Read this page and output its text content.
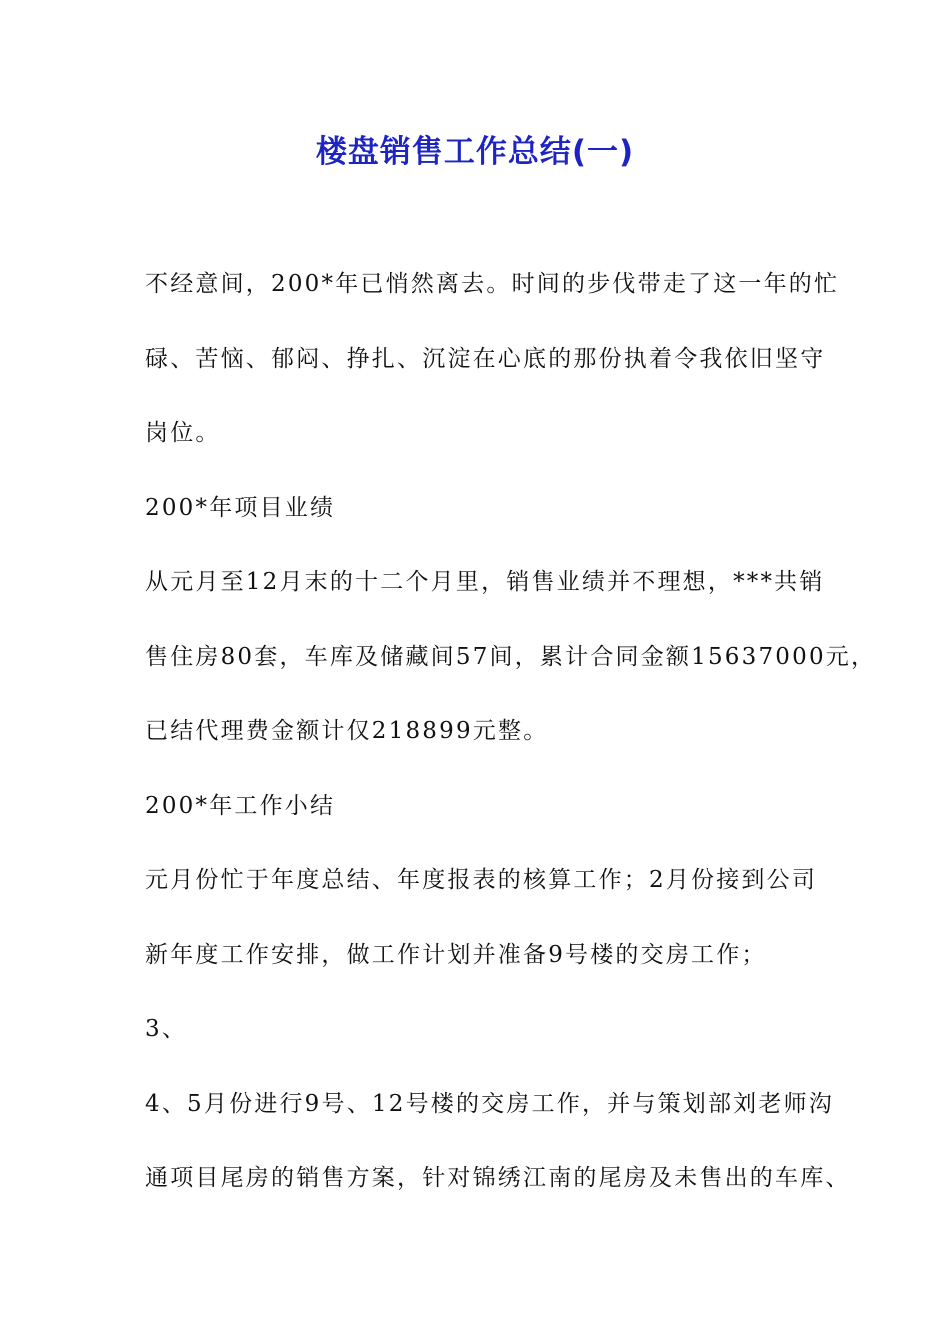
楼盘销售工作总结(一)
不经意间，200*年已悄然离去。时间的步伐带走了这一年的忙
碌、苦恼、郁闷、挣扎、沉淀在心底的那份执着令我依旧坚守
岗位。
200*年项目业绩
从元月至12月末的十二个月里，销售业绩并不理想，***共销
售住房80套，车库及储藏间57间，累计合同金额15637000元，
已结代理费金额计仅218899元整。
200*年工作小结
元月份忙于年度总结、年度报表的核算工作；2月份接到公司
新年度工作安排，做工作计划并准备9号楼的交房工作；
3、
4、5月份进行9号、12号楼的交房工作，并与策划部刘老师沟
通项目尾房的销售方案，针对锦绣江南的尾房及未售出的车库、
